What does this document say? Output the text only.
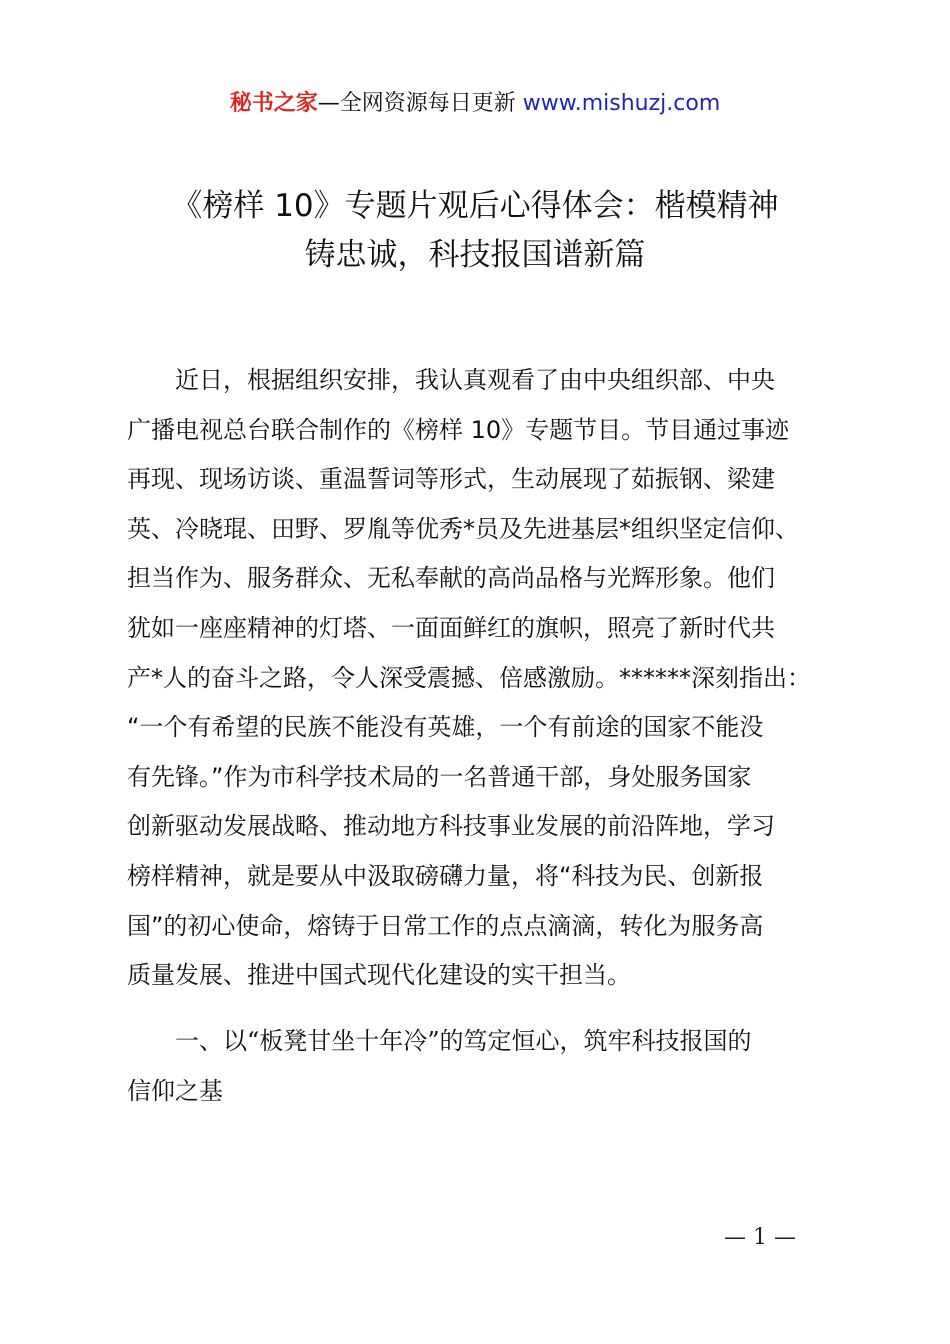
秘书之家—全网资源每日更新 www.mishuzj.com
《榜样 10》专题片观后心得体会：楷模精神
铸忠诚，科技报国谱新篇
近日，根据组织安排，我认真观看了由中央组织部、中央
广播电视总台联合制作的《榜样 10》专题节目。节目通过事迹
再现、现场访谈、重温誓词等形式，生动展现了茹振钢、梁建
英、冷晓琨、田野、罗胤等优秀*员及先进基层*组织坚定信仰、
担当作为、服务群众、无私奉献的高尚品格与光辉形象。他们
犹如一座座精神的灯塔、一面面鲜红的旗帜，照亮了新时代共
产*人的奋斗之路，令人深受震撼、倍感激励。******深刻指出：
“一个有希望的民族不能没有英雄，一个有前途的国家不能没
有先锋。”作为市科学技术局的一名普通干部，身处服务国家
创新驱动发展战略、推动地方科技事业发展的前沿阵地，学习
榜样精神，就是要从中汲取磅礴力量，将“科技为民、创新报
国”的初心使命，熔铸于日常工作的点点滴滴，转化为服务高
质量发展、推进中国式现代化建设的实干担当。
一、以“板凳甘坐十年冷”的笃定恒心，筑牢科技报国的
信仰之基
— 1 —
